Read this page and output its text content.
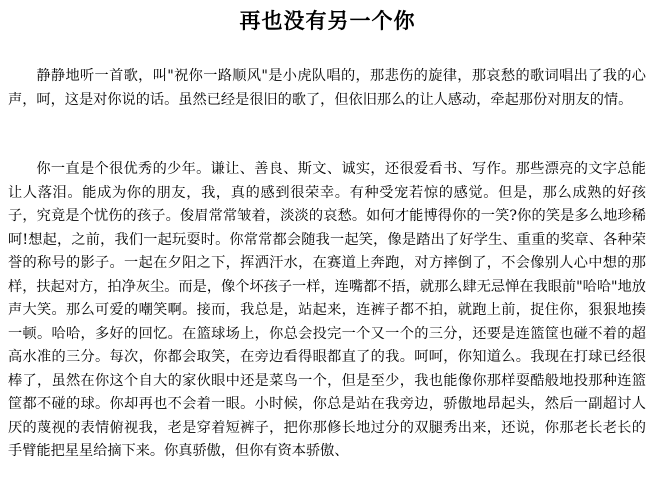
再也没有另一个你

静静地听一首歌，叫"祝你一路顺风"是小虎队唱的，那悲伤的旋律，那哀愁的歌词唱出了我的心声，呵，这是对你说的话。虽然已经是很旧的歌了，但依旧那么的让人感动，牵起那份对朋友的情。

你一直是个很优秀的少年。谦让、善良、斯文、诚实，还很爱看书、写作。那些漂亮的文字总能让人落泪。能成为你的朋友，我，真的感到很荣幸。有种受宠若惊的感觉。但是，那么成熟的好孩子，究竟是个忧伤的孩子。俊眉常常皱着，淡淡的哀愁。如何才能博得你的一笑?你的笑是多么地珍稀呵!想起，之前，我们一起玩耍时。你常常都会随我一起笑，像是踏出了好学生、重重的奖章、各种荣誉的称号的影子。一起在夕阳之下，挥洒汗水，在赛道上奔跑，对方摔倒了，不会像别人心中想的那样，扶起对方，拍净灰尘。而是，像个坏孩子一样，连嘴都不捂，就那么肆无忌惮在我眼前"哈哈"地放声大笑。那么可爱的嘲笑啊。接而，我总是，站起来，连裤子都不拍，就跑上前，捉住你，狠狠地揍一顿。哈哈，多好的回忆。在篮球场上，你总会投完一个又一个的三分，还要是连篮筐也碰不着的超高水准的三分。每次，你都会取笑，在旁边看得眼都直了的我。呵呵，你知道么。我现在打球已经很棒了，虽然在你这个自大的家伙眼中还是菜鸟一个，但是至少，我也能像你那样耍酷般地投那种连篮筐都不碰的球。你却再也不会着一眼。小时候，你总是站在我旁边，骄傲地昂起头，然后一副超讨人厌的蔑视的表情俯视我，老是穿着短裤子，把你那修长地过分的双腿秀出来，还说，你那老长老长的手臂能把星星给摘下来。你真骄傲，但你有资本骄傲、
